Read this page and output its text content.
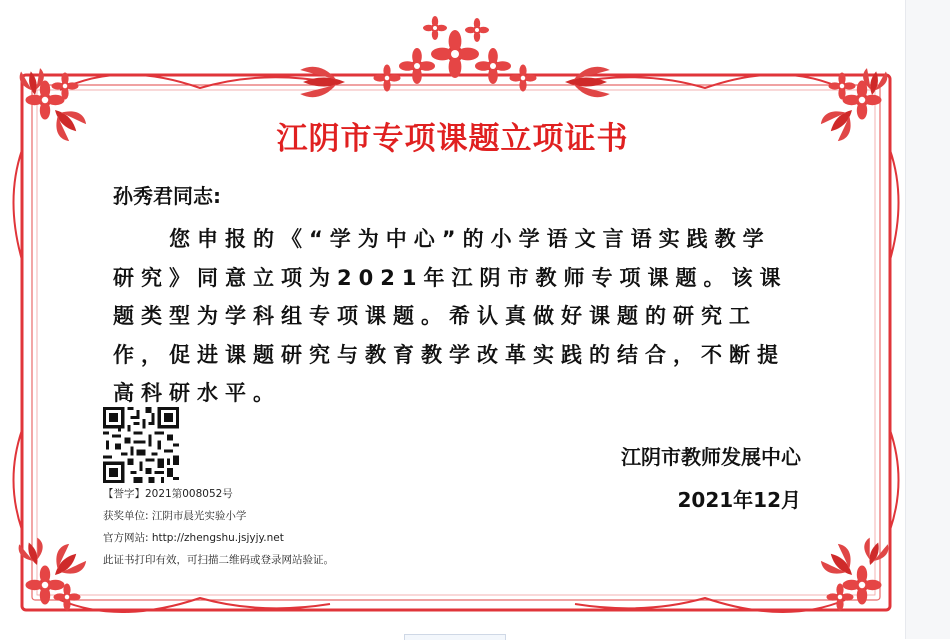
江阴市专项课题立项证书
孙秀君同志:
您申报的《“学为中心”的小学语文言语实践教学研究》同意立项为2021年江阴市教师专项课题。该课题类型为学科组专项课题。希认真做好课题的研究工作，促进课题研究与教育教学改革实践的结合，不断提高科研水平。
【誉字】2021第008052号
获奖单位: 江阴市晨光实验小学
官方网站: http://zhengshu.jsjyjy.net
此证书打印有效，可扫描二维码或登录网站验证。
江阴市教师发展中心
2021年12月
